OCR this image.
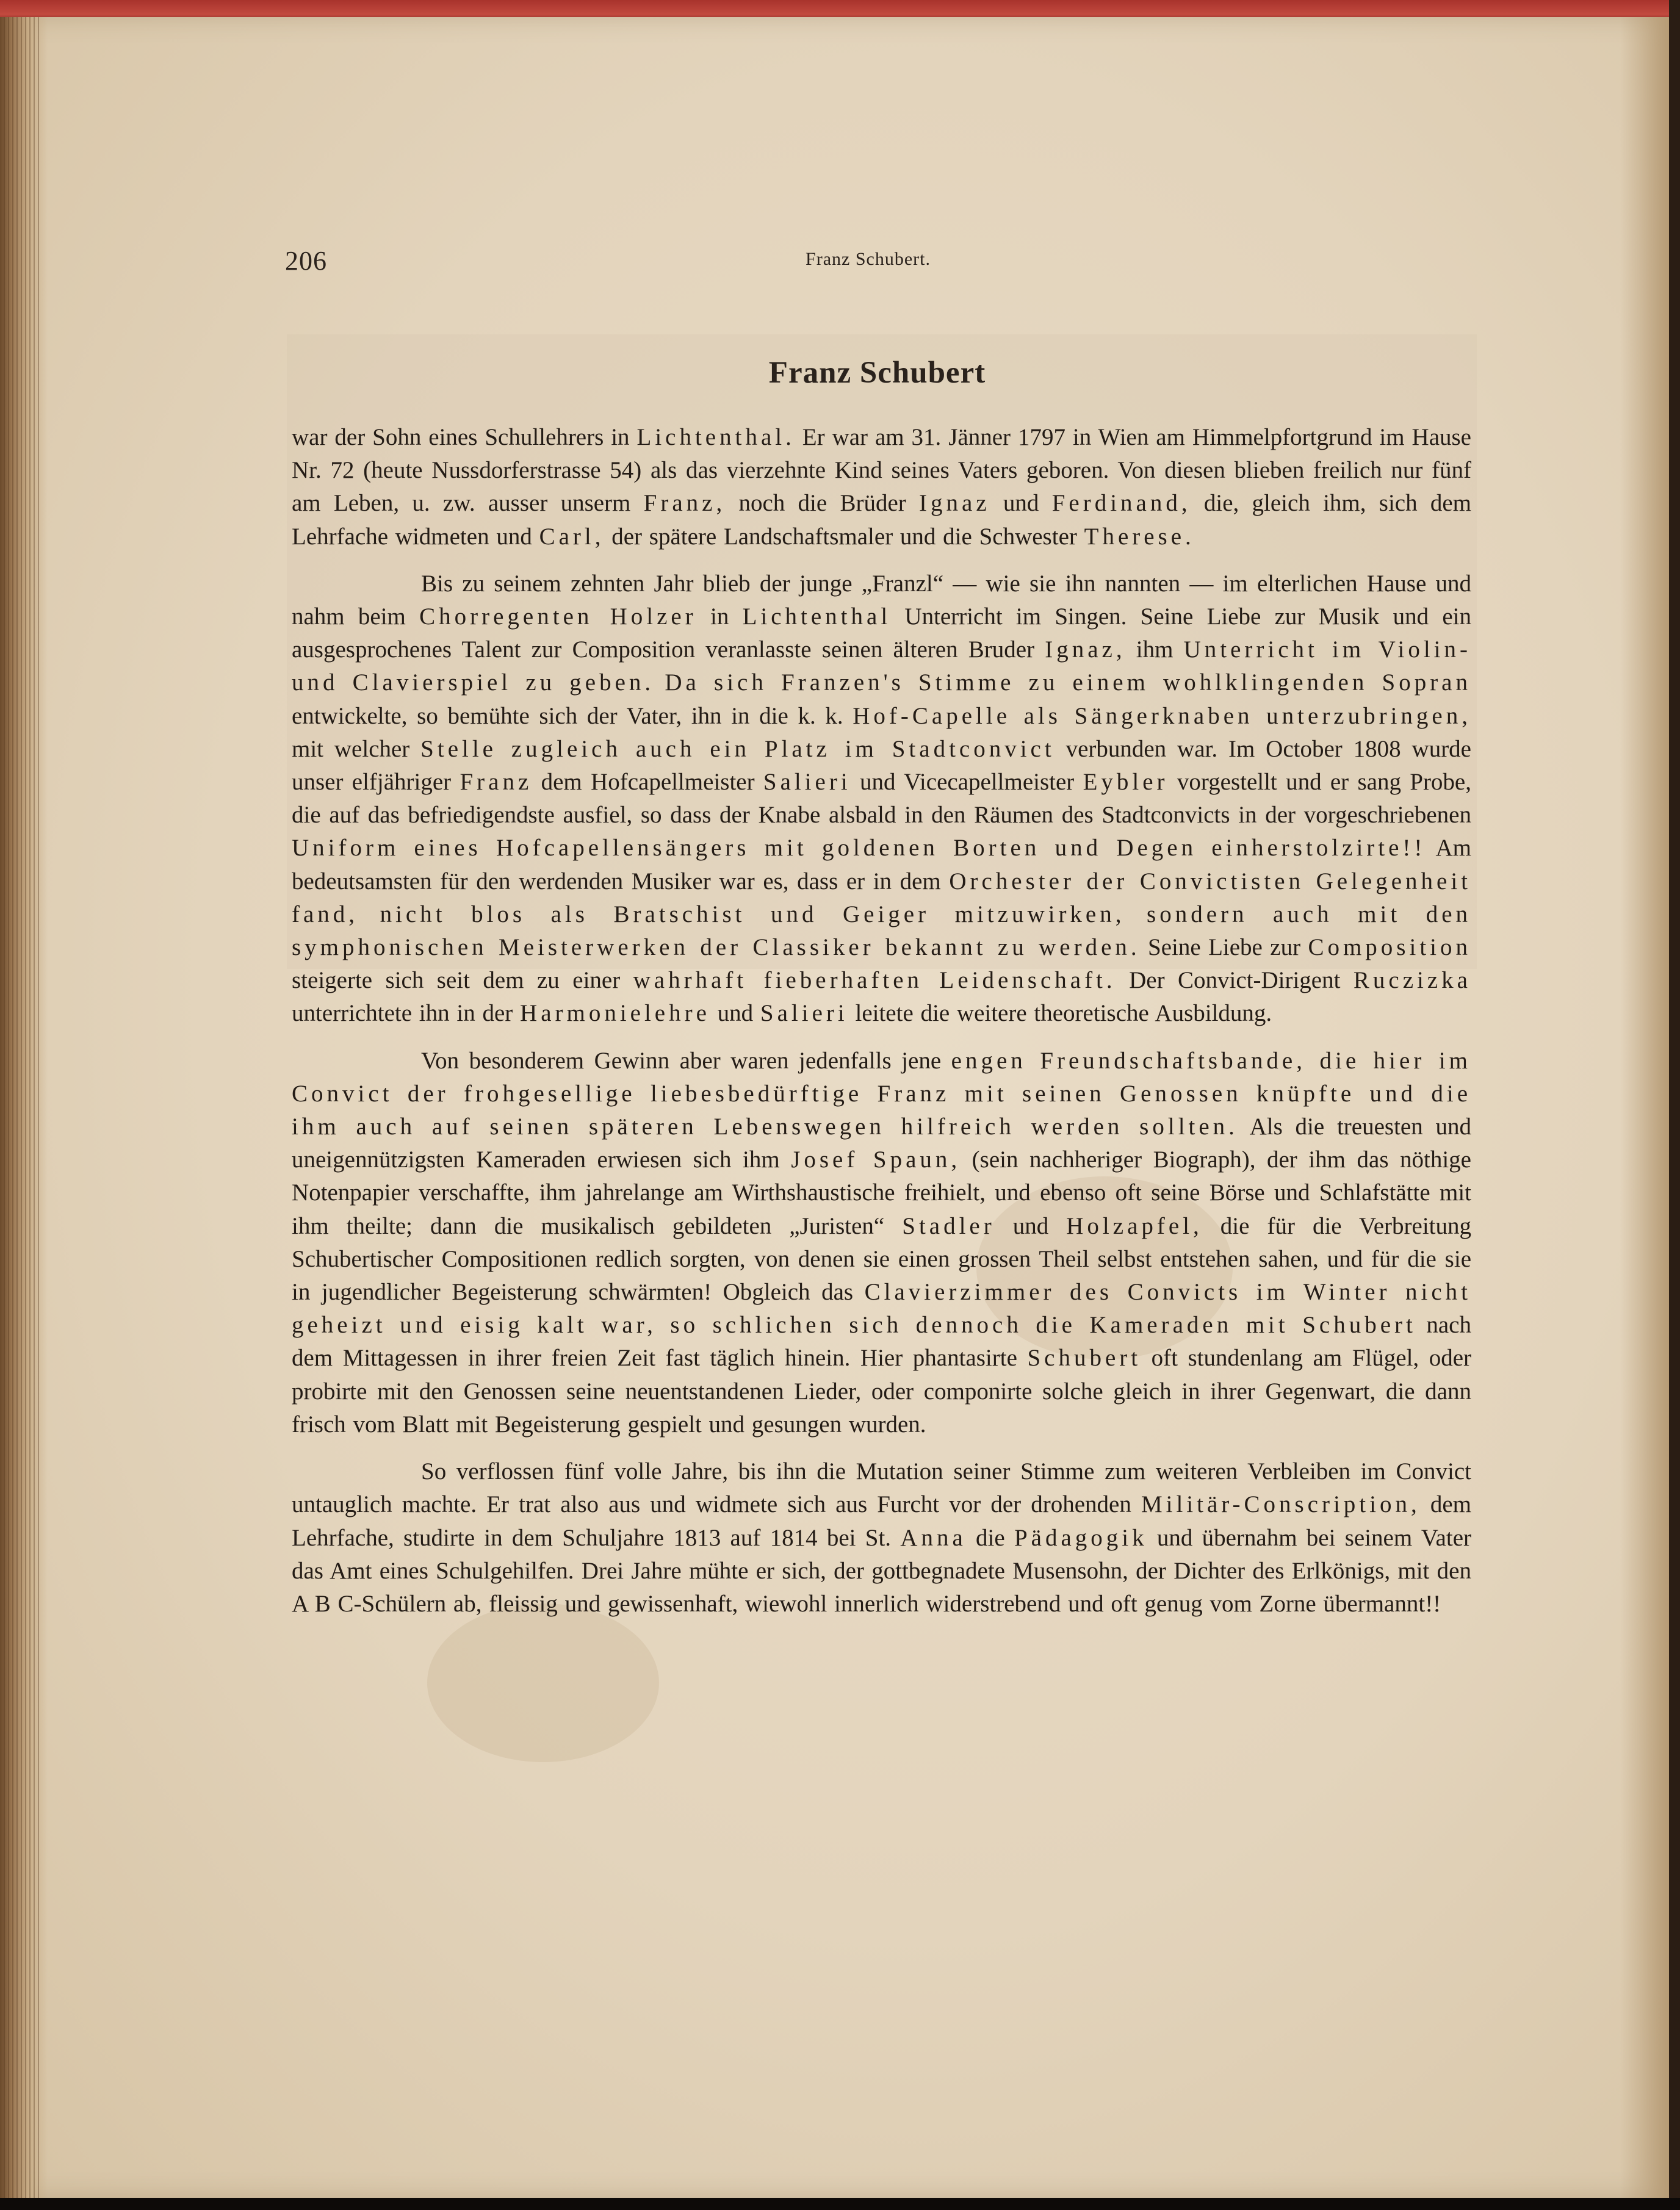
206	Franz Schubert.
Franz Schubert

war der Sohn eines Schullehrers in Lichtenthal. Er war am 31. Jänner 1797 in Wien am Himmelpfortgrund im Hause Nr. 72 (heute Nussdorferstrasse 54) als das vierzehnte Kind seines Vaters geboren. Von diesen blieben freilich nur fünf am Leben, u. zw. ausser unserm Franz, noch die Brüder Ignaz und Ferdinand, die, gleich ihm, sich dem Lehrfache widmeten und Carl, der spätere Landschaftsmaler und die Schwester Therese.

Bis zu seinem zehnten Jahr blieb der junge „Franzl“ — wie sie ihn nannten — im elterlichen Hause und nahm beim Chorregenten Holzer in Lichtenthal Unterricht im Singen. Seine Liebe zur Musik und ein ausgesprochenes Talent zur Composition veranlasste seinen älteren Bruder Ignaz, ihm Unterricht im Violin- und Clavierspiel zu geben. Da sich Franzen's Stimme zu einem wohlklingenden Sopran entwickelte, so bemühte sich der Vater, ihn in die k. k. Hof-Capelle als Sängerknaben unterzubringen, mit welcher Stelle zugleich auch ein Platz im Stadtconvict verbunden war. Im October 1808 wurde unser elfjähriger Franz dem Hofcapellmeister Salieri und Vicecapellmeister Eybler vorgestellt und er sang Probe, die auf das befriedigendste ausfiel, so dass der Knabe alsbald in den Räumen des Stadtconvicts in der vorgeschriebenen Uniform eines Hofcapellensängers mit goldenen Borten und Degen einherstolzirte!! Am bedeutsamsten für den werdenden Musiker war es, dass er in dem Orchester der Convictisten Gelegenheit fand, nicht blos als Bratschist und Geiger mitzuwirken, sondern auch mit den symphonischen Meisterwerken der Classiker bekannt zu werden. Seine Liebe zur Composition steigerte sich seit dem zu einer wahrhaft fieberhaften Leidenschaft. Der Convict-Dirigent Ruczizka unterrichtete ihn in der Harmonielehre und Salieri leitete die weitere theoretische Ausbildung.

Von besonderem Gewinn aber waren jedenfalls jene engen Freundschaftsbande, die hier im Convict der frohgesellige liebesbedürftige Franz mit seinen Genossen knüpfte und die ihm auch auf seinen späteren Lebenswegen hilfreich werden sollten. Als die treuesten und uneigennützigsten Kameraden erwiesen sich ihm Josef Spaun, (sein nachheriger Biograph), der ihm das nöthige Notenpapier verschaffte, ihm jahrelange am Wirthshaustische freihielt, und ebenso oft seine Börse und Schlafstätte mit ihm theilte; dann die musikalisch gebildeten „Juristen“ Stadler und Holzapfel, die für die Verbreitung Schubertischer Compositionen redlich sorgten, von denen sie einen grossen Theil selbst entstehen sahen, und für die sie in jugendlicher Begeisterung schwärmten! Obgleich das Clavierzimmer des Convicts im Winter nicht geheizt und eisig kalt war, so schlichen sich dennoch die Kameraden mit Schubert nach dem Mittagessen in ihrer freien Zeit fast täglich hinein. Hier phantasirte Schubert oft stundenlang am Flügel, oder probirte mit den Genossen seine neuentstandenen Lieder, oder componirte solche gleich in ihrer Gegenwart, die dann frisch vom Blatt mit Begeisterung gespielt und gesungen wurden.

So verflossen fünf volle Jahre, bis ihn die Mutation seiner Stimme zum weiteren Verbleiben im Convict untauglich machte. Er trat also aus und widmete sich aus Furcht vor der drohenden Militär-Conscription, dem Lehrfache, studirte in dem Schuljahre 1813 auf 1814 bei St. Anna die Pädagogik und übernahm bei seinem Vater das Amt eines Schulgehilfen. Drei Jahre mühte er sich, der gottbegnadete Musensohn, der Dichter des Erlkönigs, mit den A B C-Schülern ab, fleissig und gewissenhaft, wiewohl innerlich widerstrebend und oft genug vom Zorne übermannt!!
